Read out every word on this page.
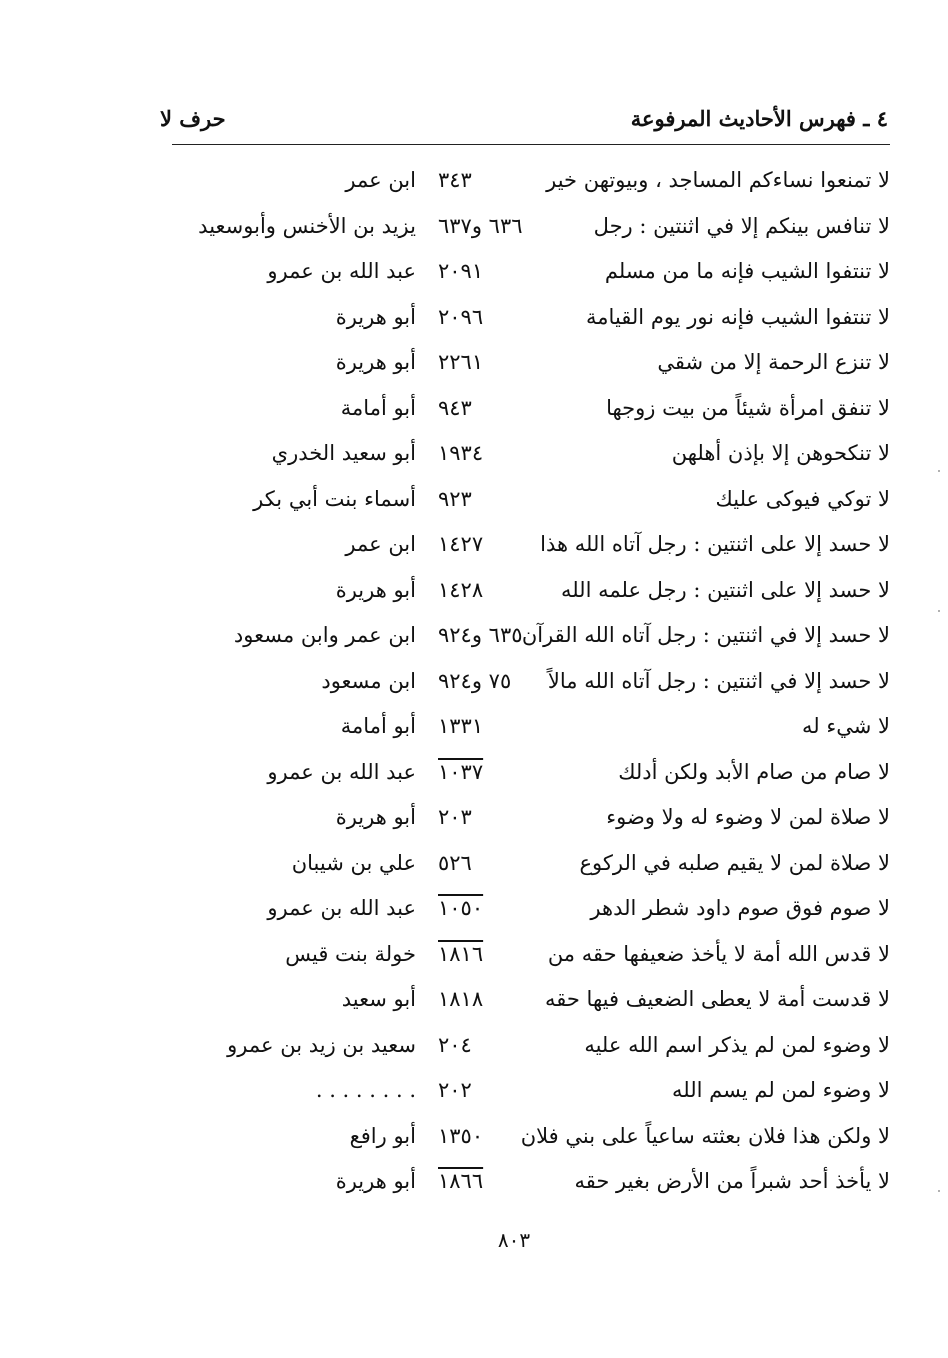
٤ ـ فهرس الأحاديث المرفوعة
حرف لا
لا تمنعوا نساءكم المساجد ، وبيوتهن خير
٣٤٣
ابن عمر
لا تنافس بينكم إلا في اثنتين : رجل
٦٣٦ و٦٣٧
يزيد بن الأخنس وأبوسعيد
لا تنتفوا الشيب فإنه ما من مسلم
٢٠٩١
عبد الله بن عمرو
لا تنتفوا الشيب فإنه نور يوم القيامة
٢٠٩٦
أبو هريرة
لا تنزع الرحمة إلا من شقي
٢٢٦١
أبو هريرة
لا تنفق امرأة شيئاً من بيت زوجها
٩٤٣
أبو أمامة
لا تنكحوهن إلا بإذن أهلهن
١٩٣٤
أبو سعيد الخدري
لا توكي فيوكى عليك
٩٢٣
أسماء بنت أبي بكر
لا حسد إلا على اثنتين : رجل آتاه الله هذا
١٤٢٧
ابن عمر
لا حسد إلا على اثنتين : رجل علمه الله
١٤٢٨
أبو هريرة
لا حسد إلا في اثنتين : رجل آتاه الله القرآن
٦٣٥ و٩٢٤
ابن عمر وابن مسعود
لا حسد إلا في اثنتين : رجل آتاه الله مالاً
٧٥ و٩٢٤
ابن مسعود
لا شيء له
١٣٣١
أبو أمامة
لا صام من صام الأبد ولكن أدلك
١٠٣٧
عبد الله بن عمرو
لا صلاة لمن لا وضوء له ولا وضوء
٢٠٣
أبو هريرة
لا صلاة لمن لا يقيم صلبه في الركوع
٥٢٦
علي بن شيبان
لا صوم فوق صوم داود شطر الدهر
١٠٥٠
عبد الله بن عمرو
لا قدس الله أمة لا يأخذ ضعيفها حقه من
١٨١٦
خولة بنت قيس
لا قدست أمة لا يعطى الضعيف فيها حقه
١٨١٨
أبو سعيد
لا وضوء لمن لم يذكر اسم الله عليه
٢٠٤
سعيد بن زيد بن عمرو
لا وضوء لمن لم يسم الله
٢٠٢
. . . . . . . .
لا ولكن هذا فلان بعثته ساعياً على بني فلان
١٣٥٠
أبو رافع
لا يأخذ أحد شبراً من الأرض بغير حقه
١٨٦٦
أبو هريرة
٨٠٣
